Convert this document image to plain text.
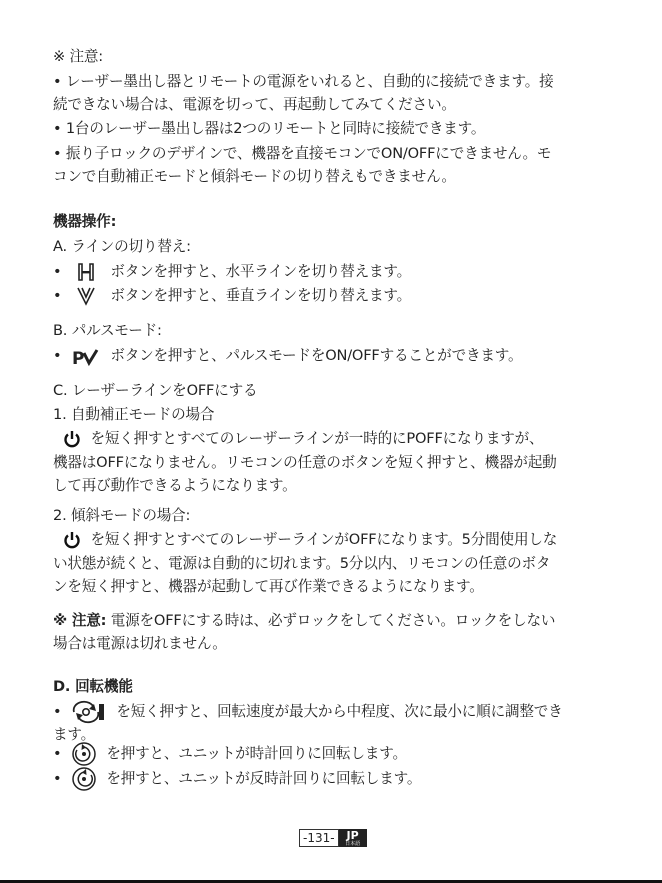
※ 注意:
• レーザー墨出し器とリモートの電源をいれると、自動的に接続できます。接
続できない場合は、電源を切って、再起動してみてください。
• 1台のレーザー墨出し器は2つのリモートと同時に接続できます。
• 振り子ロックのデザインで、機器を直接モコンでON/OFFにできません。モ
コンで自動補正モードと傾斜モードの切り替えもできません。
機器操作:
A. ラインの切り替え:
•	ボタンを押すと、水平ラインを切り替えます。
•	ボタンを押すと、垂直ラインを切り替えます。
B. パルスモード:
• P ボタンを押すと、パルスモードをON/OFFすることができます。
C. レーザーラインをOFFにする
1. 自動補正モードの場合
を短く押すとすべてのレーザーラインが一時的にPOFFになりますが、
機器はOFFになりません。リモコンの任意のボタンを短く押すと、機器が起動
して再び動作できるようになります。
2. 傾斜モードの場合:
を短く押すとすべてのレーザーラインがOFFになります。5分間使用しな
い状態が続くと、電源は自動的に切れます。5分以内、リモコンの任意のボタ
ンを短く押すと、機器が起動して再び作業できるようになります。
※ 注意: 電源をOFFにする時は、必ずロックをしてください。ロックをしない
場合は電源は切れません。
D. 回転機能
•	を短く押すと、回転速度が最大から中程度、次に最小に順に調整でき
ます。
•	を押すと、ユニットが時計回りに回転します。
•	を押すと、ユニットが反時計回りに回転します。
-131-	JP
日本語
